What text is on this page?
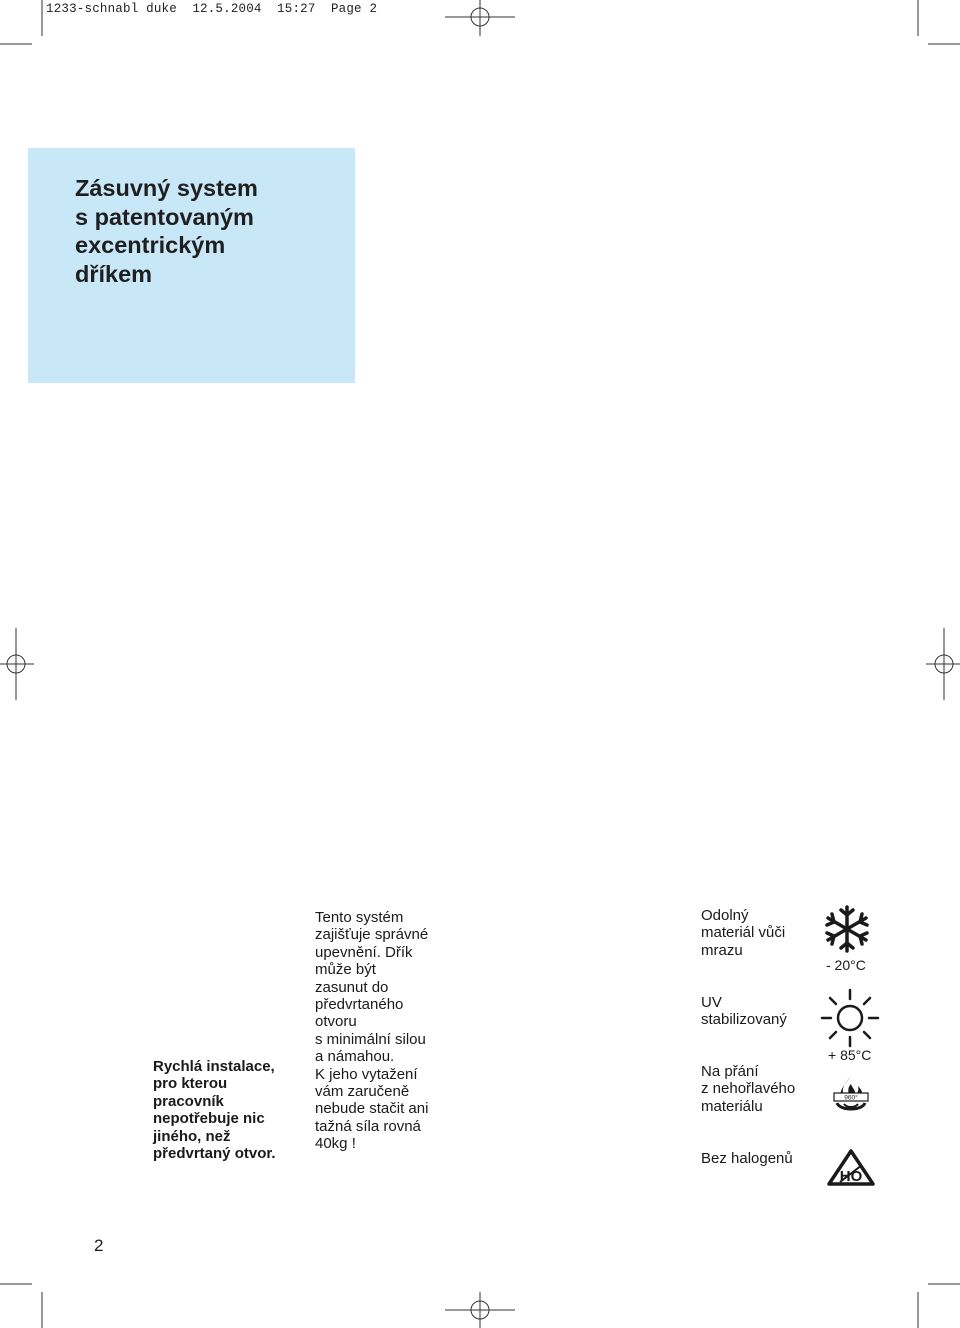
1233-schnabl duke  12.5.2004  15:27  Page 2
Zásuvný system
s patentovaným
excentrickým
dříkem
Rychlá instalace,
pro kterou
pracovník
nepotřebuje nic
jiného, než
předvrtaný otvor.
Tento systém
zajišťuje správné
upevnění. Dřík
může být
zasunut do
předvrtaného
otvoru
s minimální silou
a námahou.
K jeho vytažení
vám zaručeně
nebude stačit ani
tažná síla rovná
40kg !
Odolný
materiál vůči
mrazu
- 20°C
UV
stabilizovaný
+ 85°C
Na přání
z nehořlavého
materiálu	960°
Bez halogenů
HO
2
